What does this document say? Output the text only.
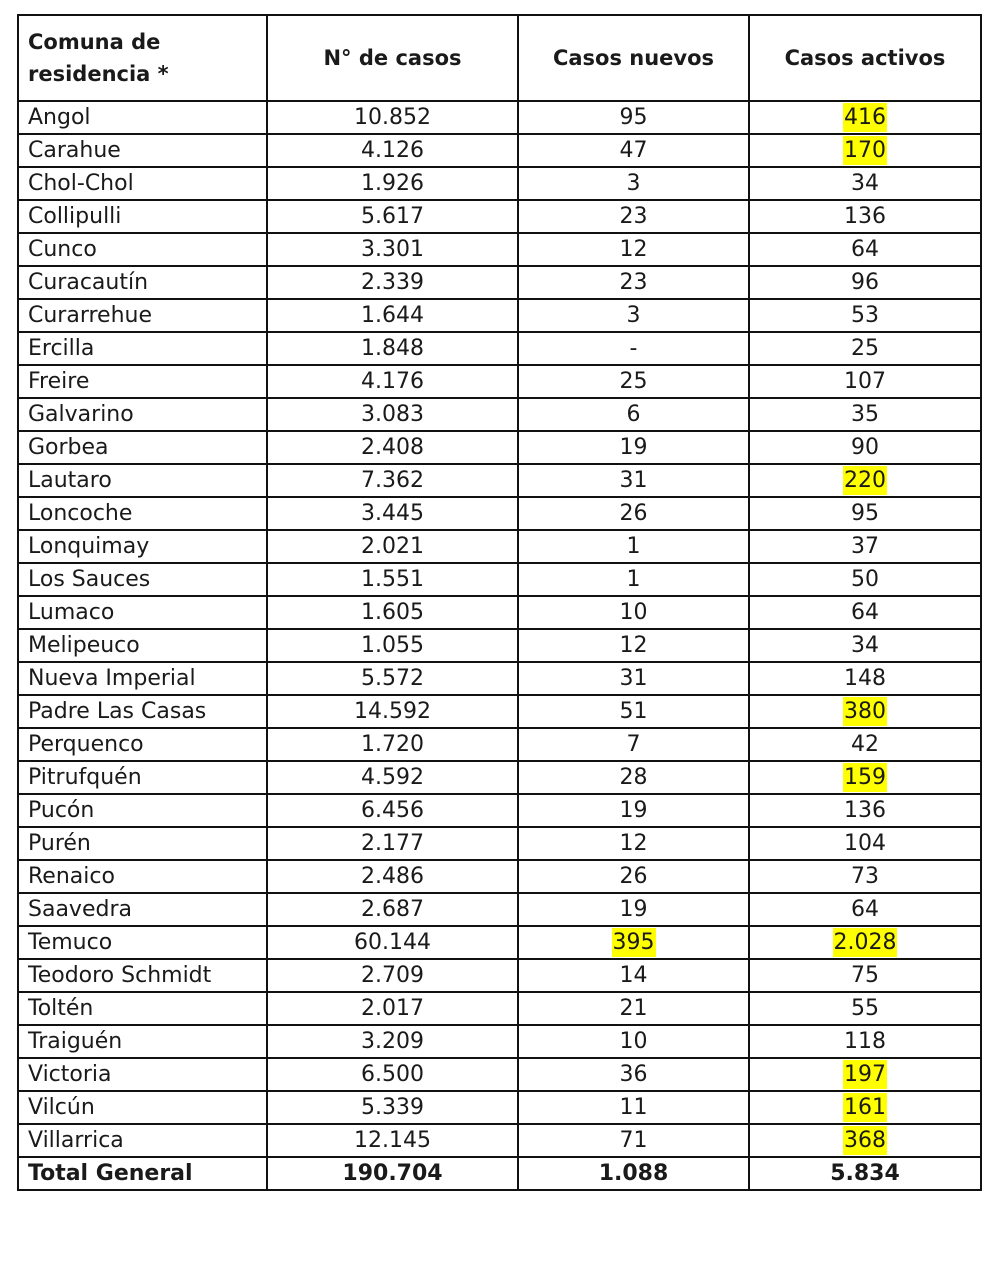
Comuna de residencia *	N° de casos	Casos nuevos	Casos activos
Angol	10.852	95	416
Carahue	4.126	47	170
Chol-Chol	1.926	3	34
Collipulli	5.617	23	136
Cunco	3.301	12	64
Curacautín	2.339	23	96
Curarrehue	1.644	3	53
Ercilla	1.848	-	25
Freire	4.176	25	107
Galvarino	3.083	6	35
Gorbea	2.408	19	90
Lautaro	7.362	31	220
Loncoche	3.445	26	95
Lonquimay	2.021	1	37
Los Sauces	1.551	1	50
Lumaco	1.605	10	64
Melipeuco	1.055	12	34
Nueva Imperial	5.572	31	148
Padre Las Casas	14.592	51	380
Perquenco	1.720	7	42
Pitrufquén	4.592	28	159
Pucón	6.456	19	136
Purén	2.177	12	104
Renaico	2.486	26	73
Saavedra	2.687	19	64
Temuco	60.144	395	2.028
Teodoro Schmidt	2.709	14	75
Toltén	2.017	21	55
Traiguén	3.209	10	118
Victoria	6.500	36	197
Vilcún	5.339	11	161
Villarrica	12.145	71	368
Total General	190.704	1.088	5.834
